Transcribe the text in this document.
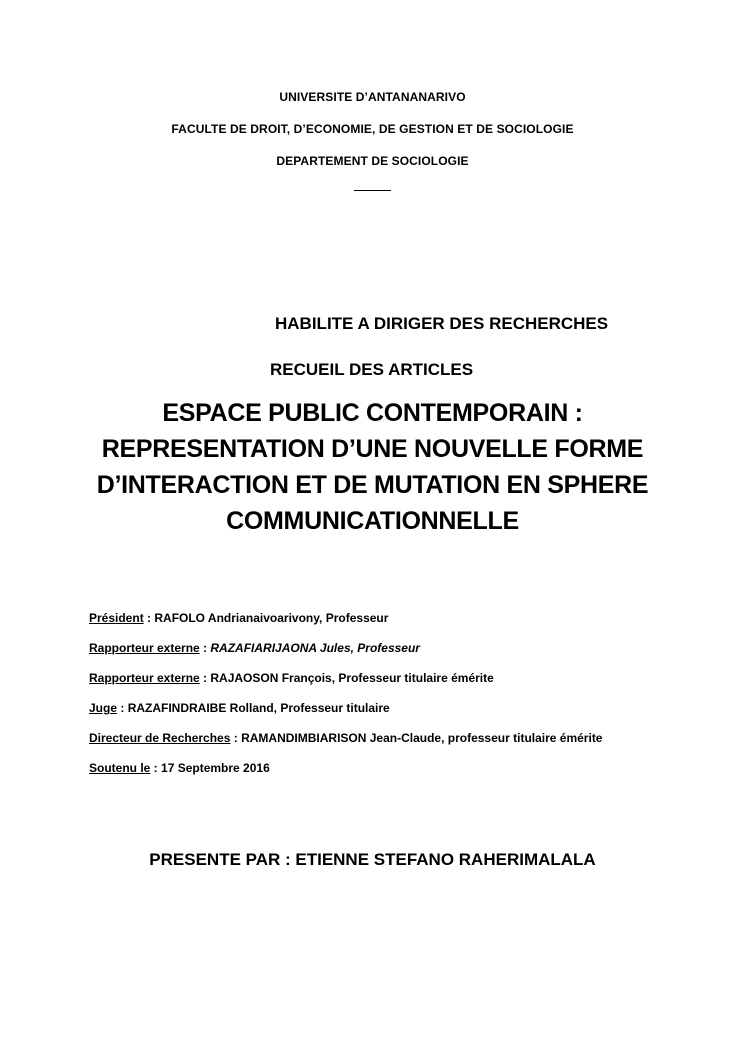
UNIVERSITE D’ANTANANARIVO
FACULTE DE DROIT, D’ECONOMIE, DE GESTION ET DE SOCIOLOGIE
DEPARTEMENT DE SOCIOLOGIE
HABILITE A DIRIGER DES RECHERCHES
RECUEIL DES ARTICLES
ESPACE PUBLIC CONTEMPORAIN :
REPRESENTATION D’UNE NOUVELLE FORME
D’INTERACTION ET DE MUTATION EN SPHERE
COMMUNICATIONNELLE
Président : RAFOLO Andrianaivoarivony, Professeur
Rapporteur externe : RAZAFIARIJAONA Jules, Professeur
Rapporteur externe : RAJAOSON François, Professeur titulaire émérite
Juge : RAZAFINDRAIBE Rolland, Professeur titulaire
Directeur de Recherches : RAMANDIMBIARISON Jean-Claude, professeur titulaire émérite
Soutenu le : 17 Septembre 2016
PRESENTE PAR : ETIENNE STEFANO RAHERIMALALA
